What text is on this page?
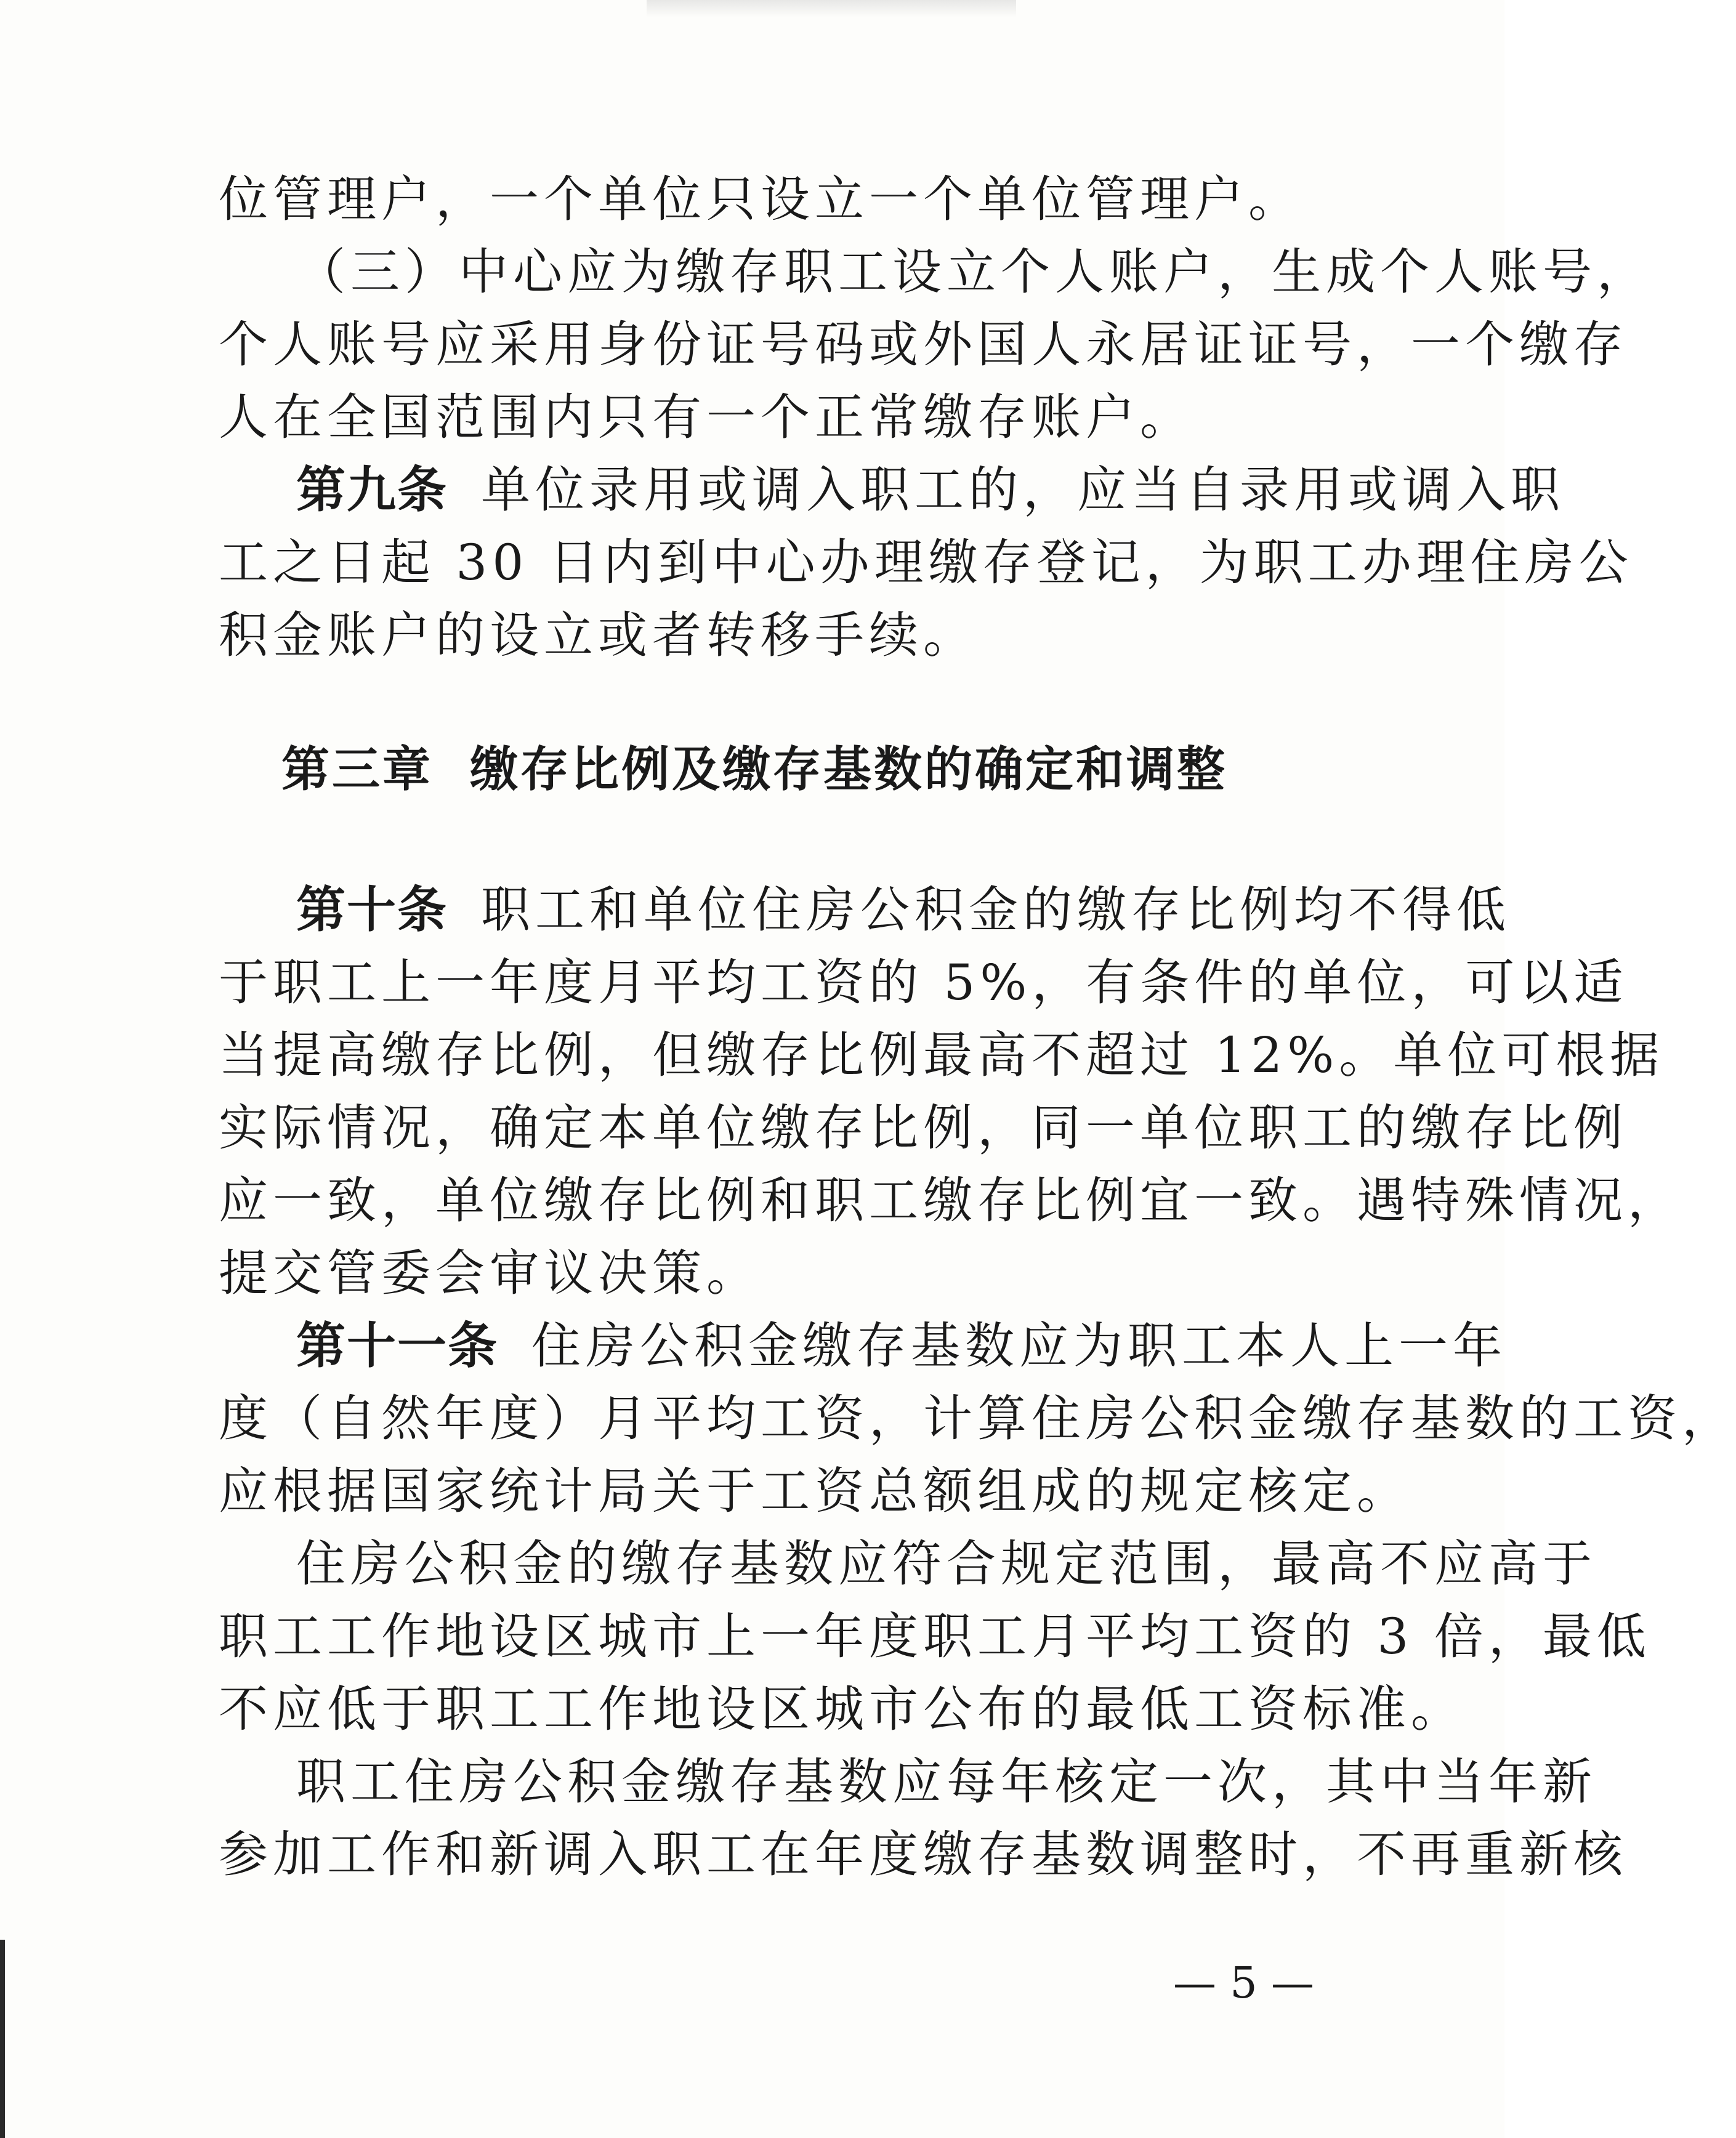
位管理户，一个单位只设立一个单位管理户。
（三）中心应为缴存职工设立个人账户，生成个人账号，
个人账号应采用身份证号码或外国人永居证证号，一个缴存
人在全国范围内只有一个正常缴存账户。
第九条 单位录用或调入职工的，应当自录用或调入职
工之日起 30 日内到中心办理缴存登记，为职工办理住房公
积金账户的设立或者转移手续。
第三章 缴存比例及缴存基数的确定和调整
第十条 职工和单位住房公积金的缴存比例均不得低
于职工上一年度月平均工资的 5%，有条件的单位，可以适
当提高缴存比例，但缴存比例最高不超过 12%。单位可根据
实际情况，确定本单位缴存比例，同一单位职工的缴存比例
应一致，单位缴存比例和职工缴存比例宜一致。遇特殊情况，
提交管委会审议决策。
第十一条 住房公积金缴存基数应为职工本人上一年
度（自然年度）月平均工资，计算住房公积金缴存基数的工资，
应根据国家统计局关于工资总额组成的规定核定。
住房公积金的缴存基数应符合规定范围，最高不应高于
职工工作地设区城市上一年度职工月平均工资的 3 倍，最低
不应低于职工工作地设区城市公布的最低工资标准。
职工住房公积金缴存基数应每年核定一次，其中当年新
参加工作和新调入职工在年度缴存基数调整时，不再重新核
— 5 —
